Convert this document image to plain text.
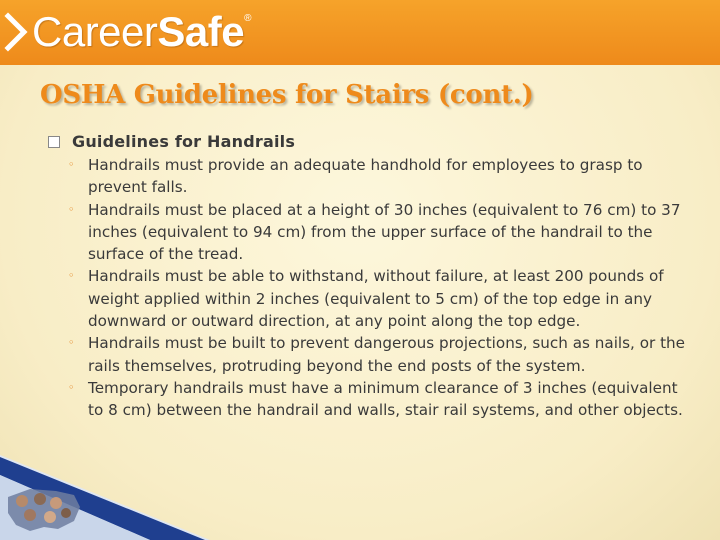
CareerSafe ®
OSHA Guidelines for Stairs (cont.)
Guidelines for Handrails
◦ Handrails must provide an adequate handhold for employees to grasp to prevent falls.
◦ Handrails must be placed at a height of 30 inches (equivalent to 76 cm) to 37 inches (equivalent to 94 cm) from the upper surface of the handrail to the surface of the tread.
◦ Handrails must be able to withstand, without failure, at least 200 pounds of weight applied within 2 inches (equivalent to 5 cm) of the top edge in any downward or outward direction, at any point along the top edge.
◦ Handrails must be built to prevent dangerous projections, such as nails, or the rails themselves, protruding beyond the end posts of the system.
◦ Temporary handrails must have a minimum clearance of 3 inches (equivalent to 8 cm) between the handrail and walls, stair rail systems, and other objects.
